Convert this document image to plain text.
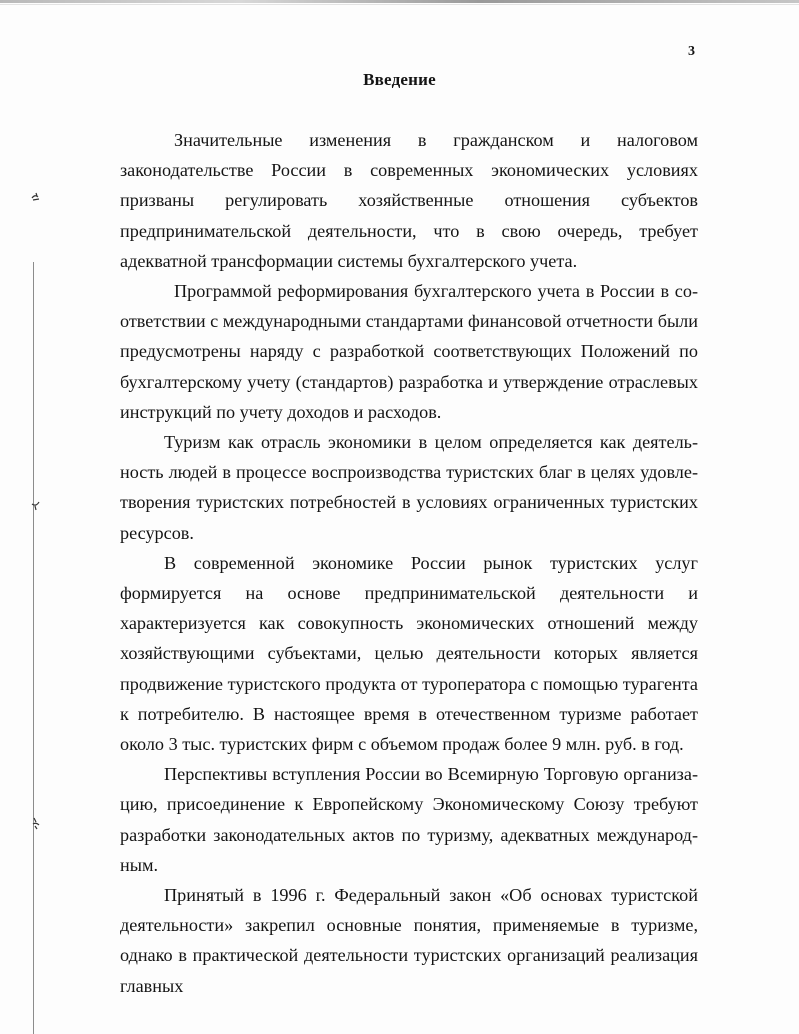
3
Введение

Значительные изменения в гражданском и налоговом законодательстве России в современных экономических условиях призваны регулировать хозяйственные отношения субъектов предпринимательской деятельности, что в свою очередь, требует адекватной трансформации системы бухгалтерского учета.

Программой реформирования бухгалтерского учета в России в соответствии с международными стандартами финансовой отчетности были предусмотрены наряду с разработкой соответствующих Положений по бухгалтерскому учету (стандартов) разработка и утверждение отраслевых инструкций по учету доходов и расходов.

Туризм как отрасль экономики в целом определяется как деятельность людей в процессе воспроизводства туристских благ в целях удовлетворения туристских потребностей в условиях ограниченных туристских ресурсов.

В современной экономике России рынок туристских услуг формируется на основе предпринимательской деятельности и характеризуется как совокупность экономических отношений между хозяйствующими субъектами, целью деятельности которых является продвижение туристского продукта от туроператора с помощью турагента к потребителю. В настоящее время в отечественном туризме работает около 3 тыс. туристских фирм с объемом продаж более 9 млн. руб. в год.

Перспективы вступления России во Всемирную Торговую организацию, присоединение к Европейскому Экономическому Союзу требуют разработки законодательных актов по туризму, адекватных международным.

Принятый в 1996 г. Федеральный закон «Об основах туристской деятельности» закрепил основные понятия, применяемые в туризме, однако в практической деятельности туристских организаций реализация главных
